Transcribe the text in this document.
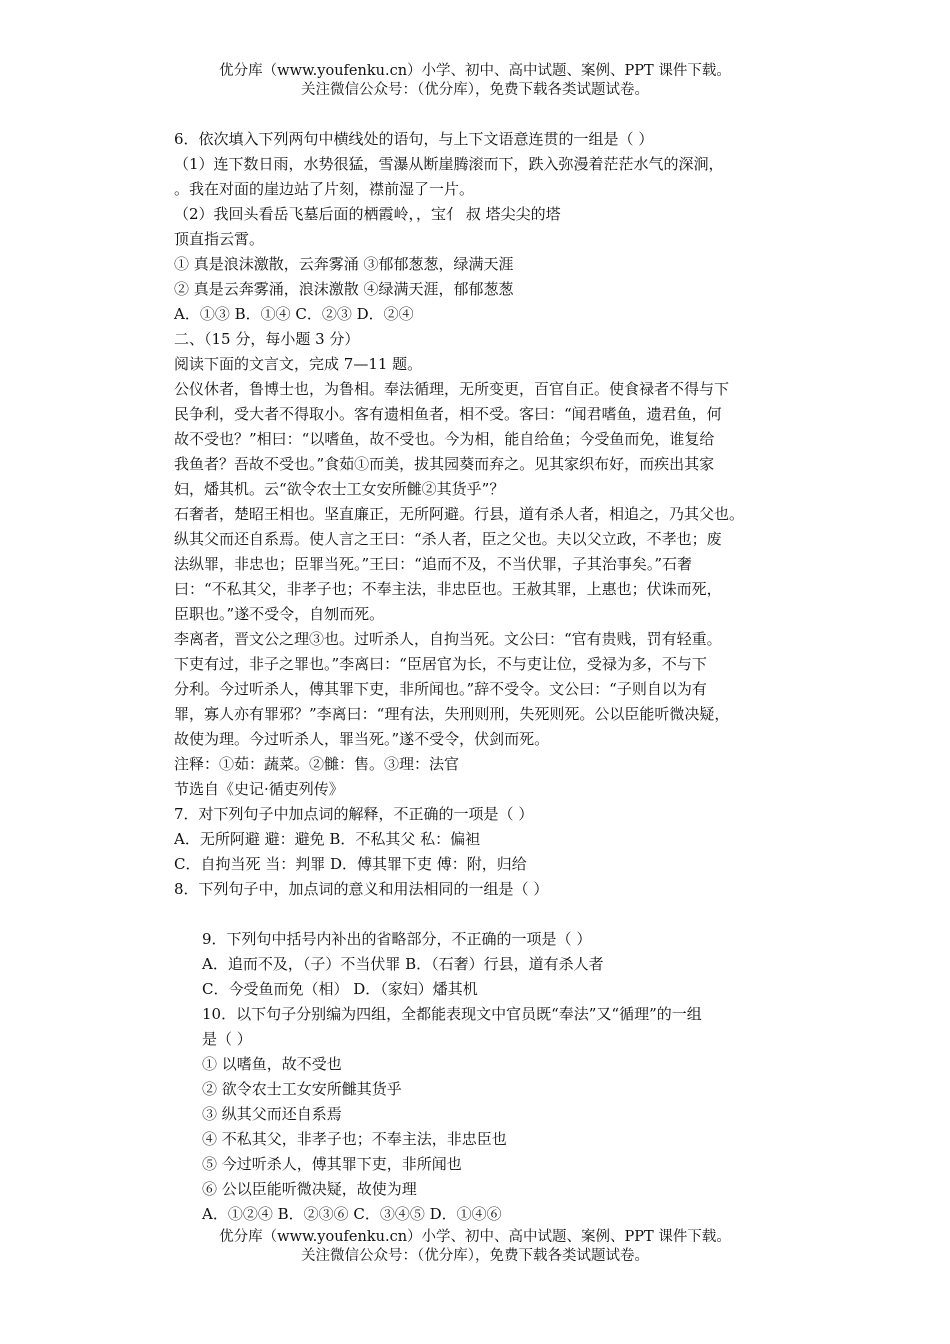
优分库（www.youfenku.cn）小学、初中、高中试题、案例、PPT 课件下载。
关注微信公众号：（优分库），免费下载各类试题试卷。
6．依次填入下列两句中横线处的语句，与上下文语意连贯的一组是（ ）
（1）连下数日雨，水势很猛，雪瀑从断崖腾滚而下，跌入弥漫着茫茫水气的深涧，
。我在对面的崖边站了片刻，襟前湿了一片。
（2）我回头看岳飞墓后面的栖霞岭，，宝亻 叔 塔尖尖的塔
顶直指云霄。
① 真是浪沫激散，云奔雾涌 ③郁郁葱葱，绿满天涯
② 真是云奔雾涌，浪沫激散 ④绿满天涯，郁郁葱葱
A．①③ B．①④ C．②③ D．②④
二、（15 分，每小题 3 分）
阅读下面的文言文，完成 7—11 题。
公仪休者，鲁博士也，为鲁相。奉法循理，无所变更，百官自正。使食禄者不得与下
民争利，受大者不得取小。客有遗相鱼者，相不受。客曰：“闻君嗜鱼，遗君鱼，何
故不受也？”相曰：“以嗜鱼，故不受也。今为相，能自给鱼；今受鱼而免，谁复给
我鱼者？吾故不受也。”食茹①而美，拔其园葵而弃之。见其家织布好，而疾出其家
妇，燔其机。云“欲令农士工女安所雠②其货乎”？
石奢者，楚昭王相也。坚直廉正，无所阿避。行县，道有杀人者，相追之，乃其父也。
纵其父而还自系焉。使人言之王曰：“杀人者，臣之父也。夫以父立政，不孝也；废
法纵罪，非忠也；臣罪当死。”王曰：“追而不及，不当伏罪，子其治事矣。”石奢
曰：“不私其父，非孝子也；不奉主法，非忠臣也。王赦其罪，上惠也；伏诛而死，
臣职也。”遂不受令，自刎而死。
李离者，晋文公之理③也。过听杀人，自拘当死。文公曰：“官有贵贱，罚有轻重。
下吏有过，非子之罪也。”李离曰：“臣居官为长，不与吏让位，受禄为多，不与下
分利。今过听杀人，傅其罪下吏，非所闻也。”辞不受令。文公曰：“子则自以为有
罪，寡人亦有罪邪？”李离曰：“理有法，失刑则刑，失死则死。公以臣能听微决疑，
故使为理。今过听杀人，罪当死。”遂不受令，伏剑而死。
注释：①茹：蔬菜。②雠：售。③理：法官
节选自《史记·循吏列传》
7．对下列句子中加点词的解释，不正确的一项是（ ）
A．无所阿避 避：避免 B．不私其父 私：偏袒
C．自拘当死 当：判罪 D．傅其罪下吏 傅：附，归给
8．下列句子中，加点词的意义和用法相同的一组是（ ）
9．下列句中括号内补出的省略部分，不正确的一项是（ ）
A．追而不及，（子）不当伏罪 B．（石奢）行县，道有杀人者
C．今受鱼而免（相） D．（家妇）燔其机
10．以下句子分别编为四组，全都能表现文中官员既“奉法”又“循理”的一组
是（ ）
① 以嗜鱼，故不受也
② 欲令农士工女安所雠其货乎
③ 纵其父而还自系焉
④ 不私其父，非孝子也；不奉主法，非忠臣也
⑤ 今过听杀人，傅其罪下吏，非所闻也
⑥ 公以臣能听微决疑，故使为理
A．①②④ B．②③⑥ C．③④⑤ D．①④⑥
优分库（www.youfenku.cn）小学、初中、高中试题、案例、PPT 课件下载。
关注微信公众号：（优分库），免费下载各类试题试卷。
